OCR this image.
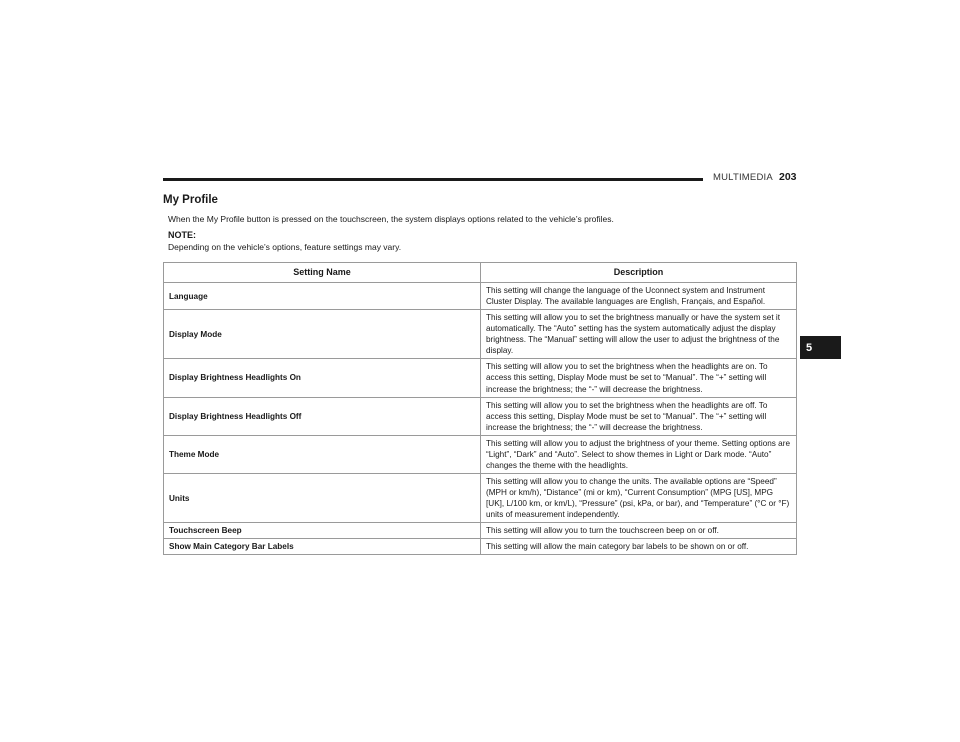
MULTIMEDIA 203
My Profile
When the My Profile button is pressed on the touchscreen, the system displays options related to the vehicle’s profiles.
NOTE:
Depending on the vehicle’s options, feature settings may vary.
5
Setting Name	Description
Language	This setting will change the language of the Uconnect system and Instrument Cluster Display. The available languages are English, Français, and Español.
Display Mode	This setting will allow you to set the brightness manually or have the system set it automatically. The “Auto” setting has the system automatically adjust the display brightness. The “Manual” setting will allow the user to adjust the brightness of the display.
Display Brightness Headlights On	This setting will allow you to set the brightness when the headlights are on. To access this setting, Display Mode must be set to “Manual”. The “+” setting will increase the brightness; the “-” will decrease the brightness.
Display Brightness Headlights Off	This setting will allow you to set the brightness when the headlights are off. To access this setting, Display Mode must be set to “Manual”. The “+” setting will increase the brightness; the “-” will decrease the brightness.
Theme Mode	This setting will allow you to adjust the brightness of your theme. Setting options are “Light”, “Dark” and “Auto”. Select to show themes in Light or Dark mode. “Auto” changes the theme with the headlights.
Units	This setting will allow you to change the units. The available options are “Speed” (MPH or km/h), “Distance” (mi or km), “Current Consumption” (MPG [US], MPG [UK], L/100 km, or km/L), “Pressure” (psi, kPa, or bar), and “Temperature” (°C or °F) units of measurement independently.
Touchscreen Beep	This setting will allow you to turn the touchscreen beep on or off.
Show Main Category Bar Labels	This setting will allow the main category bar labels to be shown on or off.
